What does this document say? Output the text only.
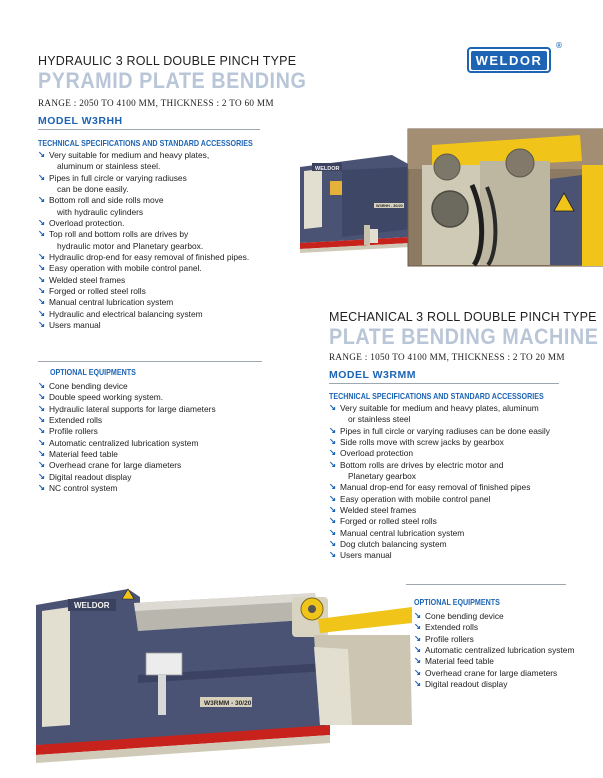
HYDRAULIC 3 ROLL DOUBLE PINCH TYPE
PYRAMID PLATE BENDING
RANGE : 2050 TO 4100 MM, THICKNESS : 2 TO 60 MM
WELDOR
®
MODEL W3RHH
TECHNICAL SPECIFICATIONS AND STANDARD ACCESSORIES
↘ Very suitable for medium and heavy plates,
aluminum or stainless steel.
↘ Pipes in full circle or varying radiuses
can be done easily.
↘ Bottom roll and side rolls move
with hydraulic cylinders
↘ Overload protection.
↘ Top roll and bottom rolls are drives by
hydraulic motor and Planetary gearbox.
↘ Hydraulic drop-end for easy removal of finished pipes.
↘ Easy operation with mobile control panel.
↘ Welded steel frames
↘ Forged or rolled steel rolls
↘ Manual central lubrication system
↘ Hydraulic and electrical balancing system
↘ Users manual
OPTIONAL EQUIPMENTS
↘ Cone bending device
↘ Double speed working system.
↘ Hydraulic lateral supports for large diameters
↘ Extended rolls
↘ Profile rollers
↘ Automatic centralized lubrication system
↘ Material feed table
↘ Overhead crane for large diameters
↘ Digital readout display
↘ NC control system
WELDOR
W3RHH - 30/20
MECHANICAL 3 ROLL DOUBLE PINCH TYPE
PLATE BENDING MACHINE
RANGE : 1050 TO 4100 MM, THICKNESS : 2 TO 20 MM
MODEL W3RMM
TECHNICAL SPECIFICATIONS AND STANDARD ACCESSORIES
↘ Very suitable for medium and heavy plates, aluminum
or stainless steel
↘ Pipes in full circle or varying radiuses can be done easily
↘ Side rolls move with screw jacks by gearbox
↘ Overload protection
↘ Bottom rolls are drives by electric motor and
Planetary gearbox
↘ Manual drop-end for easy removal of finished pipes
↘ Easy operation with mobile control panel
↘ Welded steel frames
↘ Forged or rolled steel rolls
↘ Manual central lubrication system
↘ Dog clutch balancing system
↘ Users manual
OPTIONAL EQUIPMENTS
↘ Cone bending device
↘ Extended rolls
↘ Profile rollers
↘ Automatic centralized lubrication system
↘ Material feed table
↘ Overhead crane for large diameters
↘ Digital readout display
WELDOR
W3RMM - 30/20
